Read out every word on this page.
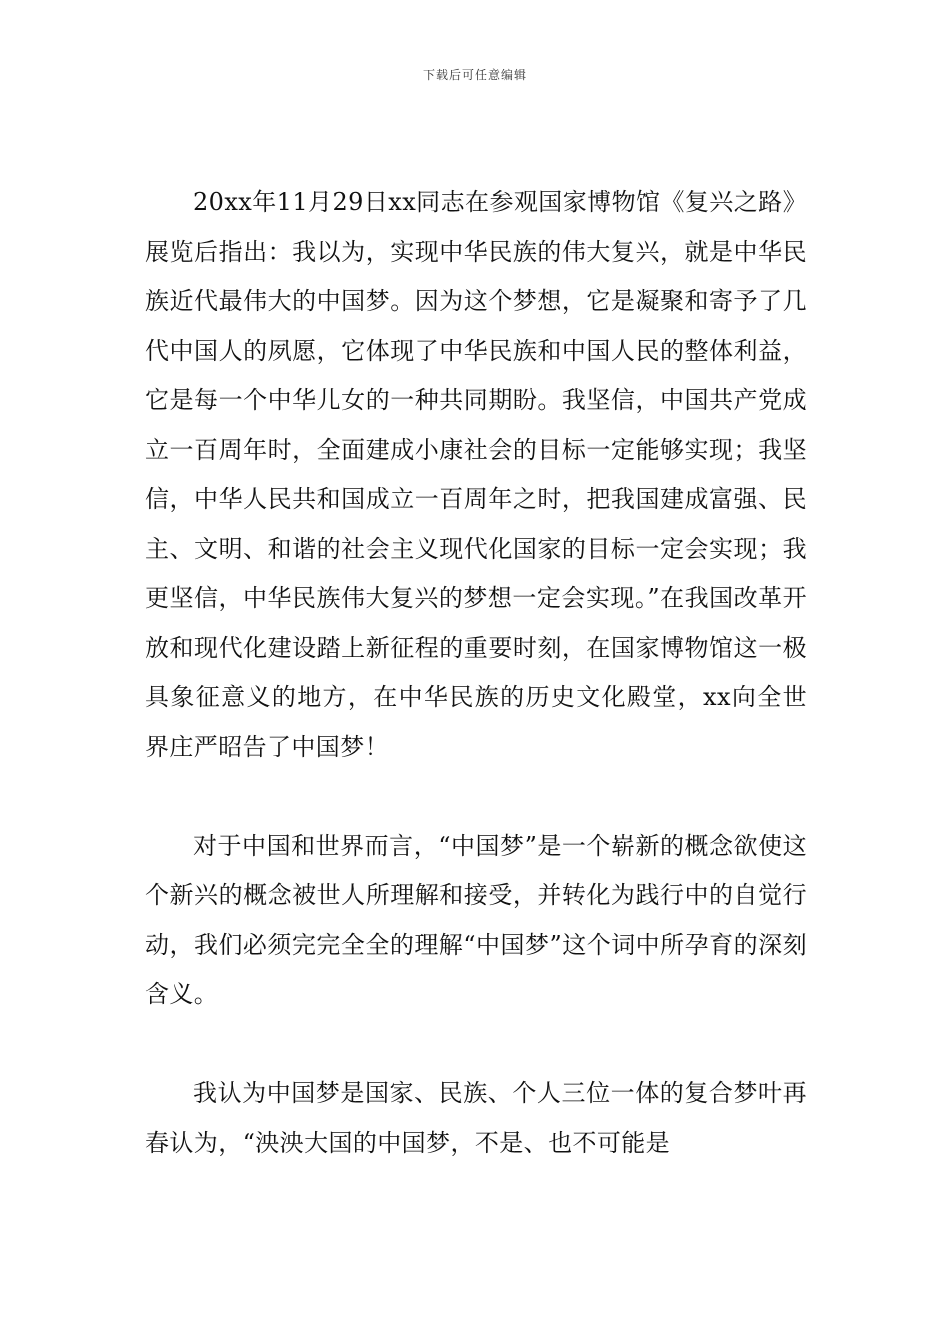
下载后可任意编辑

20xx年11月29日xx同志在参观国家博物馆《复兴之路》展览后指出：我以为，实现中华民族的伟大复兴，就是中华民族近代最伟大的中国梦。因为这个梦想，它是凝聚和寄予了几代中国人的夙愿，它体现了中华民族和中国人民的整体利益，它是每一个中华儿女的一种共同期盼。我坚信，中国共产党成立一百周年时，全面建成小康社会的目标一定能够实现；我坚信，中华人民共和国成立一百周年之时，把我国建成富强、民主、文明、和谐的社会主义现代化国家的目标一定会实现；我更坚信，中华民族伟大复兴的梦想一定会实现。”在我国改革开放和现代化建设踏上新征程的重要时刻，在国家博物馆这一极具象征意义的地方，在中华民族的历史文化殿堂，xx向全世界庄严昭告了中国梦！

对于中国和世界而言，“中国梦”是一个崭新的概念欲使这个新兴的概念被世人所理解和接受，并转化为践行中的自觉行动，我们必须完完全全的理解“中国梦”这个词中所孕育的深刻含义。

我认为中国梦是国家、民族、个人三位一体的复合梦叶再春认为，“泱泱大国的中国梦，不是、也不可能是
